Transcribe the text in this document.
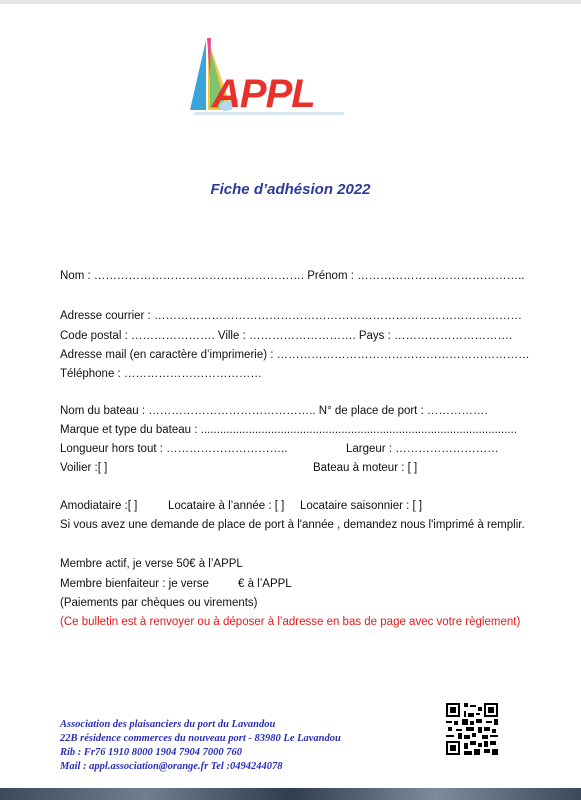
APPL
Fiche d’adhésion 2022
Nom : ………………………………………………. Prénom : ……………………………………..
Adresse courrier : ……………………………………………………………………………………
Code postal : …………………. Ville : ………………………. Pays : ………………………….
Adresse mail (en caractère d’imprimerie) : …………………………………………………………
Téléphone : ………………………………
Nom du bateau : …………………………………….. N° de place de port : …………….
Marque et type du bateau : ...................................................................................................
Longueur hors tout : …………………………..	Largeur : ………………………
Voilier :[ ]	Bateau à moteur : [ ]
Amodiataire :[ ]	Locataire à l’année : [ ] Locataire saisonnier : [ ]
Si vous avez une demande de place de port à l'année , demandez nous l'imprimé à remplir.
Membre actif, je verse 50€ à l’APPL
Membre bienfaiteur : je verse	€ à l’APPL
(Paiements par chèques ou virements)
(Ce bulletin est à renvoyer ou à déposer à l’adresse en bas de page avec votre règlement)
Association des plaisanciers du port du Lavandou
22B résidence commerces du nouveau port - 83980 Le Lavandou
Rib : Fr76 1910 8000 1904 7904 7000 760
Mail : appl.association@orange.fr Tel :0494244078
